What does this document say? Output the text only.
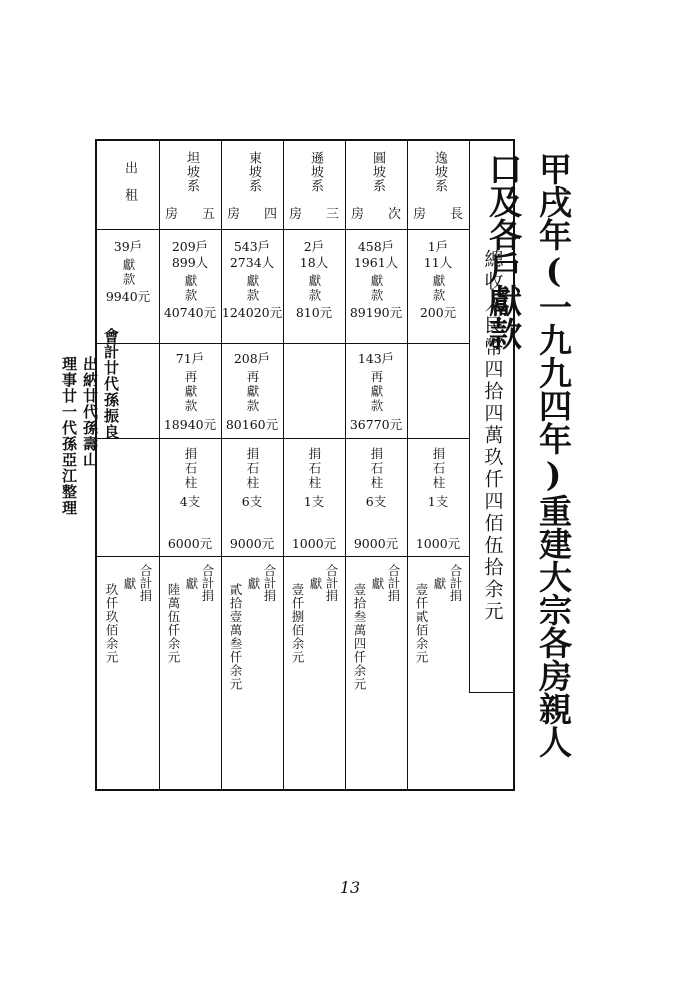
甲戌年(一九九四年)重建大宗各房親人口及各戶獻款
會計廿代孫振良
出納廿代孫壽山
理事廿一代孫亞江整理
13
總收人民幣四拾四萬玖仟四佰伍拾余元
逸坡系
房 長
1戶
11人
獻款
200元
捐石柱
1支
1000元
合計捐獻
壹仟貳佰余元
圓坡系
房 次
458戶
1961人
獻款
89190元
143戶
再獻款
36770元
捐石柱
6支
9000元
合計捐獻
壹拾叁萬四仟余元
遜坡系
房 三
2戶
18人
獻款
810元
捐石柱
1支
1000元
合計捐獻
壹仟捌佰余元
東坡系
房 四
543戶
2734人
獻款
124020元
208戶
再獻款
80160元
捐石柱
6支
9000元
合計捐獻
貳拾壹萬叁仟余元
坦坡系
房 五
209戶
899人
獻款
40740元
71戶
再獻款
18940元
捐石柱
4支
6000元
合計捐獻
陸萬伍仟余元
出租
39戶
獻款
9940元
合計捐獻
玖仟玖佰余元
